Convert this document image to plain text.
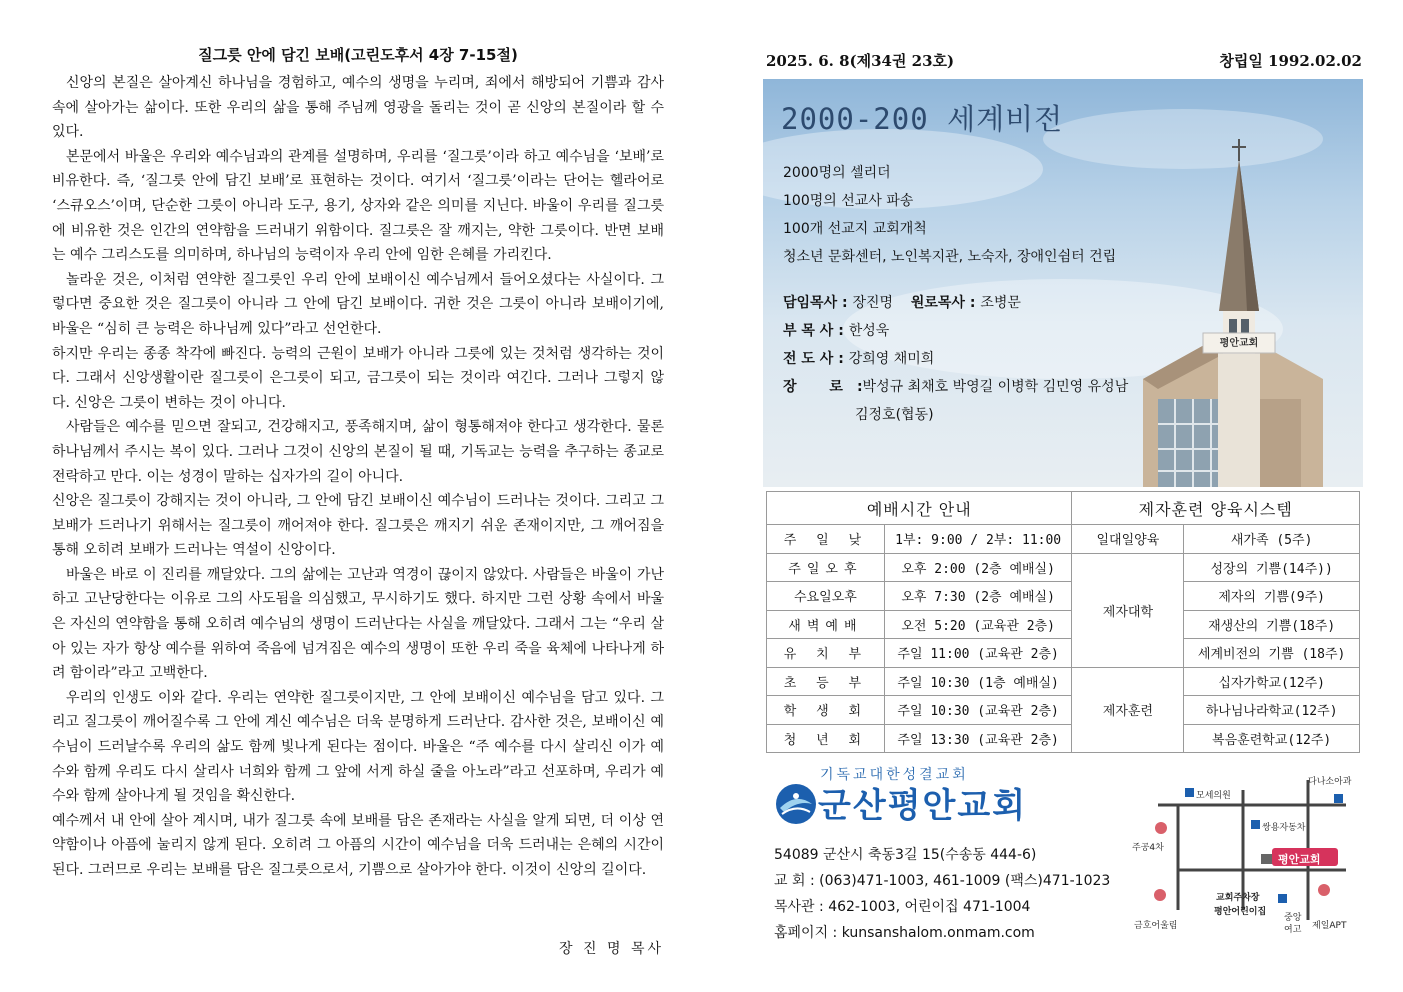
질그릇 안에 담긴 보배(고린도후서 4장 7-15절)

신앙의 본질은 살아계신 하나님을 경험하고, 예수의 생명을 누리며, 죄에서 해방되어 기쁨과 감사 속에 살아가는 삶이다. 또한 우리의 삶을 통해 주님께 영광을 돌리는 것이 곧 신앙의 본질이라 할 수 있다.

본문에서 바울은 우리와 예수님과의 관계를 설명하며, 우리를 ‘질그릇’이라 하고 예수님을 ‘보배’로 비유한다. 즉, ‘질그릇 안에 담긴 보배’로 표현하는 것이다. 여기서 ‘질그릇’이라는 단어는 헬라어로 ‘스큐오스’이며, 단순한 그릇이 아니라 도구, 용기, 상자와 같은 의미를 지닌다. 바울이 우리를 질그릇에 비유한 것은 인간의 연약함을 드러내기 위함이다. 질그릇은 잘 깨지는, 약한 그릇이다. 반면 보배는 예수 그리스도를 의미하며, 하나님의 능력이자 우리 안에 임한 은혜를 가리킨다.

놀라운 것은, 이처럼 연약한 질그릇인 우리 안에 보배이신 예수님께서 들어오셨다는 사실이다. 그렇다면 중요한 것은 질그릇이 아니라 그 안에 담긴 보배이다. 귀한 것은 그릇이 아니라 보배이기에, 바울은 “심히 큰 능력은 하나님께 있다”라고 선언한다.

하지만 우리는 종종 착각에 빠진다. 능력의 근원이 보배가 아니라 그릇에 있는 것처럼 생각하는 것이다. 그래서 신앙생활이란 질그릇이 은그릇이 되고, 금그릇이 되는 것이라 여긴다. 그러나 그렇지 않다. 신앙은 그릇이 변하는 것이 아니다.

사람들은 예수를 믿으면 잘되고, 건강해지고, 풍족해지며, 삶이 형통해져야 한다고 생각한다. 물론 하나님께서 주시는 복이 있다. 그러나 그것이 신앙의 본질이 될 때, 기독교는 능력을 추구하는 종교로 전락하고 만다. 이는 성경이 말하는 십자가의 길이 아니다.

신앙은 질그릇이 강해지는 것이 아니라, 그 안에 담긴 보배이신 예수님이 드러나는 것이다. 그리고 그 보배가 드러나기 위해서는 질그릇이 깨어져야 한다. 질그릇은 깨지기 쉬운 존재이지만, 그 깨어짐을 통해 오히려 보배가 드러나는 역설이 신앙이다.

바울은 바로 이 진리를 깨달았다. 그의 삶에는 고난과 역경이 끊이지 않았다. 사람들은 바울이 가난하고 고난당한다는 이유로 그의 사도됨을 의심했고, 무시하기도 했다. 하지만 그런 상황 속에서 바울은 자신의 연약함을 통해 오히려 예수님의 생명이 드러난다는 사실을 깨달았다. 그래서 그는 “우리 살아 있는 자가 항상 예수를 위하여 죽음에 넘겨짐은 예수의 생명이 또한 우리 죽을 육체에 나타나게 하려 함이라”라고 고백한다.

우리의 인생도 이와 같다. 우리는 연약한 질그릇이지만, 그 안에 보배이신 예수님을 담고 있다. 그리고 질그릇이 깨어질수록 그 안에 계신 예수님은 더욱 분명하게 드러난다. 감사한 것은, 보배이신 예수님이 드러날수록 우리의 삶도 함께 빛나게 된다는 점이다. 바울은 “주 예수를 다시 살리신 이가 예수와 함께 우리도 다시 살리사 너희와 함께 그 앞에 서게 하실 줄을 아노라”라고 선포하며, 우리가 예수와 함께 살아나게 될 것임을 확신한다.

예수께서 내 안에 살아 계시며, 내가 질그릇 속에 보배를 담은 존재라는 사실을 알게 되면, 더 이상 연약함이나 아픔에 눌리지 않게 된다. 오히려 그 아픔의 시간이 예수님을 더욱 드러내는 은혜의 시간이 된다. 그러므로 우리는 보배를 담은 질그릇으로서, 기쁨으로 살아가야 한다. 이것이 신앙의 길이다.

장 진 명 목사
2025. 6. 8(제34권 23호)	창립일 1992.02.02
평안교회
2000-200 세계비전
2000명의 셀리더
100명의 선교사 파송
100개 선교지 교회개척
청소년 문화센터, 노인복지관, 노숙자, 장애인쉼터 건립
담임목사 : 장진명 원로목사 : 조병문
부 목 사 : 한성욱
전 도 사 : 강희영 채미희
장 로:박성규 최채호 박영길 이병학 김민영 유성남
김정호(협동)
예배시간 안내		제자훈련 양육시스템	
주 일 낮	1부: 9:00 / 2부: 11:00	일대일양육	새가족 (5주)
주일오후	오후 2:00 (2층 예배실)	제자대학	성장의 기쁨(14주))
수요일오후	오후 7:30 (2층 예배실)		제자의 기쁨(9주)
새벽예배	오전 5:20 (교육관 2층)		재생산의 기쁨(18주)
유 치 부	주일 11:00 (교육관 2층)		세계비전의 기쁨 (18주)
초 등 부	주일 10:30 (1층 예배실)	제자훈련	십자가학교(12주)
학 생 회	주일 10:30 (교육관 2층)		하나님나라학교(12주)
청 년 회	주일 13:30 (교육관 2층)		복음훈련학교(12주)
기독교대한성결교회
군산평안교회
54089 군산시 축동3길 15(수송동 444-6)
교 회 : (063)471-1003, 461-1009 (팩스)471-1023
목사관 : 462-1003, 어린이집 471-1004
홈페이지 : kunsanshalom.onmam.com
모세의원
다나소아과
쌍용자동차
주공4차
평안교회
교회주차장
평안어린이집
중앙
여고 제일APT
금호어울림
